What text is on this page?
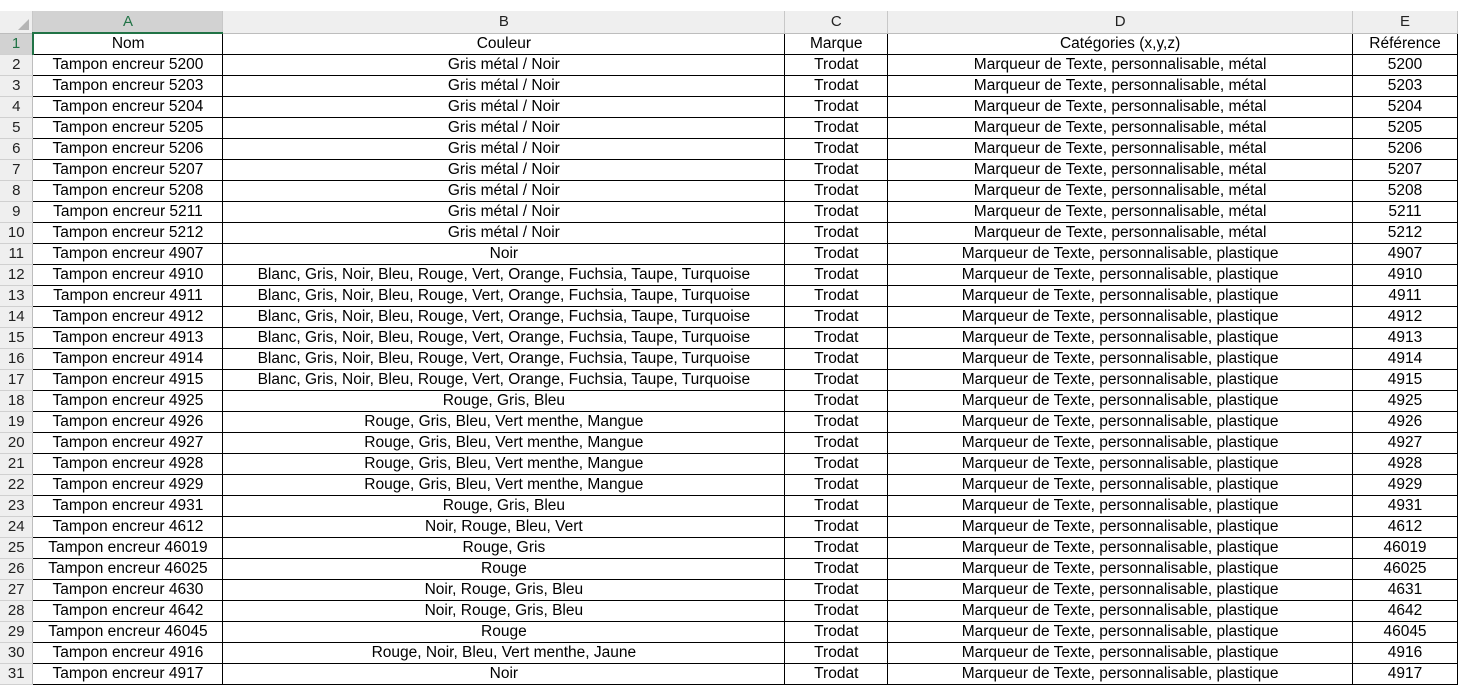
	A	B	C	D	E
1	Nom	Couleur	Marque	Catégories (x,y,z)	Référence
2	Tampon encreur 5200	Gris métal / Noir	Trodat	Marqueur de Texte, personnalisable, métal	5200
3	Tampon encreur 5203	Gris métal / Noir	Trodat	Marqueur de Texte, personnalisable, métal	5203
4	Tampon encreur 5204	Gris métal / Noir	Trodat	Marqueur de Texte, personnalisable, métal	5204
5	Tampon encreur 5205	Gris métal / Noir	Trodat	Marqueur de Texte, personnalisable, métal	5205
6	Tampon encreur 5206	Gris métal / Noir	Trodat	Marqueur de Texte, personnalisable, métal	5206
7	Tampon encreur 5207	Gris métal / Noir	Trodat	Marqueur de Texte, personnalisable, métal	5207
8	Tampon encreur 5208	Gris métal / Noir	Trodat	Marqueur de Texte, personnalisable, métal	5208
9	Tampon encreur 5211	Gris métal / Noir	Trodat	Marqueur de Texte, personnalisable, métal	5211
10	Tampon encreur 5212	Gris métal / Noir	Trodat	Marqueur de Texte, personnalisable, métal	5212
11	Tampon encreur 4907	Noir	Trodat	Marqueur de Texte, personnalisable, plastique	4907
12	Tampon encreur 4910	Blanc, Gris, Noir, Bleu, Rouge, Vert, Orange, Fuchsia, Taupe, Turquoise	Trodat	Marqueur de Texte, personnalisable, plastique	4910
13	Tampon encreur 4911	Blanc, Gris, Noir, Bleu, Rouge, Vert, Orange, Fuchsia, Taupe, Turquoise	Trodat	Marqueur de Texte, personnalisable, plastique	4911
14	Tampon encreur 4912	Blanc, Gris, Noir, Bleu, Rouge, Vert, Orange, Fuchsia, Taupe, Turquoise	Trodat	Marqueur de Texte, personnalisable, plastique	4912
15	Tampon encreur 4913	Blanc, Gris, Noir, Bleu, Rouge, Vert, Orange, Fuchsia, Taupe, Turquoise	Trodat	Marqueur de Texte, personnalisable, plastique	4913
16	Tampon encreur 4914	Blanc, Gris, Noir, Bleu, Rouge, Vert, Orange, Fuchsia, Taupe, Turquoise	Trodat	Marqueur de Texte, personnalisable, plastique	4914
17	Tampon encreur 4915	Blanc, Gris, Noir, Bleu, Rouge, Vert, Orange, Fuchsia, Taupe, Turquoise	Trodat	Marqueur de Texte, personnalisable, plastique	4915
18	Tampon encreur 4925	Rouge, Gris, Bleu	Trodat	Marqueur de Texte, personnalisable, plastique	4925
19	Tampon encreur 4926	Rouge, Gris, Bleu, Vert menthe, Mangue	Trodat	Marqueur de Texte, personnalisable, plastique	4926
20	Tampon encreur 4927	Rouge, Gris, Bleu, Vert menthe, Mangue	Trodat	Marqueur de Texte, personnalisable, plastique	4927
21	Tampon encreur 4928	Rouge, Gris, Bleu, Vert menthe, Mangue	Trodat	Marqueur de Texte, personnalisable, plastique	4928
22	Tampon encreur 4929	Rouge, Gris, Bleu, Vert menthe, Mangue	Trodat	Marqueur de Texte, personnalisable, plastique	4929
23	Tampon encreur 4931	Rouge, Gris, Bleu	Trodat	Marqueur de Texte, personnalisable, plastique	4931
24	Tampon encreur 4612	Noir, Rouge, Bleu, Vert	Trodat	Marqueur de Texte, personnalisable, plastique	4612
25	Tampon encreur 46019	Rouge, Gris	Trodat	Marqueur de Texte, personnalisable, plastique	46019
26	Tampon encreur 46025	Rouge	Trodat	Marqueur de Texte, personnalisable, plastique	46025
27	Tampon encreur 4630	Noir, Rouge, Gris, Bleu	Trodat	Marqueur de Texte, personnalisable, plastique	4631
28	Tampon encreur 4642	Noir, Rouge, Gris, Bleu	Trodat	Marqueur de Texte, personnalisable, plastique	4642
29	Tampon encreur 46045	Rouge	Trodat	Marqueur de Texte, personnalisable, plastique	46045
30	Tampon encreur 4916	Rouge, Noir, Bleu, Vert menthe, Jaune	Trodat	Marqueur de Texte, personnalisable, plastique	4916
31	Tampon encreur 4917	Noir	Trodat	Marqueur de Texte, personnalisable, plastique	4917
